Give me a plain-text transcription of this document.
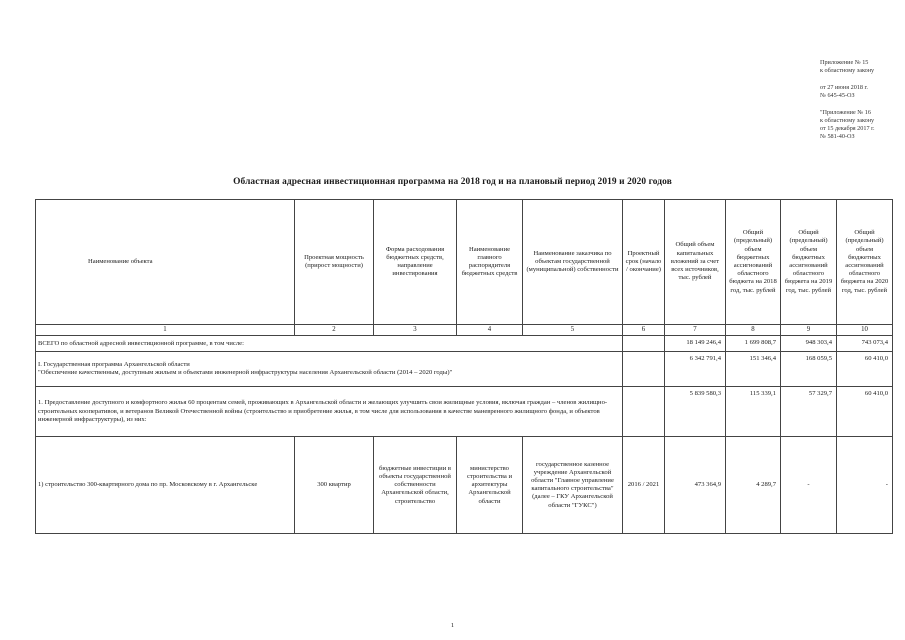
Приложение № 15
к областному закону
от 27 июня 2018 г.
№ 645-45-ОЗ
"Приложение № 16
к областному закону
от 15 декабря 2017 г.
№ 581-40-ОЗ
Областная адресная инвестиционная программа на 2018 год и на плановый период 2019 и 2020 годов
Наименование объекта	Проектная мощность (прирост мощности)	Форма расходования бюджетных средств, направление инвестирования	Наименование главного распорядителя бюджетных средств	Наименование заказчика по объектам государственной (муниципальной) собственности	Проектный срок (начало / окончание)	Общий объем капитальных вложений за счет всех источников, тыс. рублей	Общий (предельный) объем бюджетных ассигнований областного бюджета на 2018 год, тыс. рублей	Общий (предельный) объем бюджетных ассигнований областного бюджета на 2019 год, тыс. рублей	Общий (предельный) объем бюджетных ассигнований областного бюджета на 2020 год, тыс. рублей
1	2	3	4	5	6	7	8	9	10
ВСЕГО по областной адресной инвестиционной программе, в том числе:						18 149 246,4	1 699 808,7	948 303,4	743 073,4

I. Государственная программа Архангельской области
"Обеспечение качественным, доступным жильем и объектами инженерной инфраструктуры населения Архангельской области (2014 – 2020 годы)"						6 342 791,4	151 346,4	168 059,5	60 410,0
1. Предоставление доступного и комфортного жилья 60 процентам семей, проживающих в Архангельской области и желающих улучшить свои жилищные условия, включая граждан – членов жилищно-строительных кооперативов, и ветеранов Великой Отечественной войны (строительство и приобретение жилья, в том числе для использования в качестве маневренного жилищного фонда, и объектов инженерной инфраструктуры), из них:						5 839 580,3	115 339,1	57 329,7	60 410,0
1) строительство 300-квартирного дома по пр. Московскому в г. Архангельске	300 квартир	бюджетные инвестиции в объекты государственной собственности Архангельской области, строительство	министерство строительства и архитектуры Архангельской области	государственное казенное учреждение Архангельской области "Главное управление капитального строительства" (далее – ГКУ Архангельской области "ГУКС")	2016 / 2021	473 364,9	4 289,7	-	-
1
